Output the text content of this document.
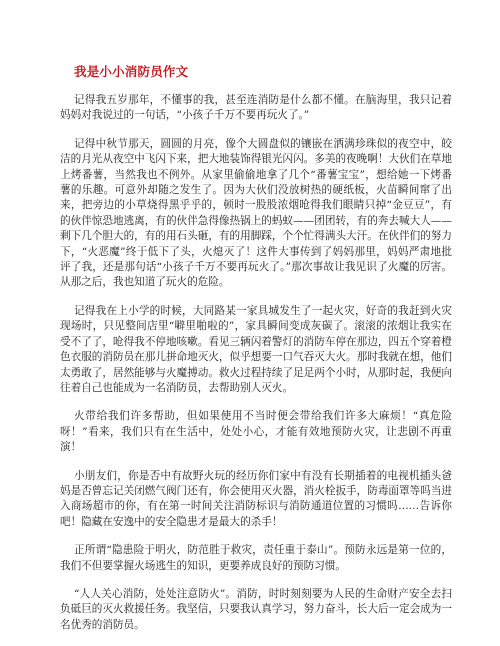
我是小小消防员作文

记得我五岁那年，不懂事的我，甚至连消防是什么都不懂。在脑海里，我只记着妈妈对我说过的一句话，“小孩子千万不要再玩火了。”

记得中秋节那天，圆圆的月亮，像个大圆盘似的镶嵌在洒满珍珠似的夜空中，皎洁的月光从夜空中飞闪下来，把大地装饰得银光闪闪。多美的夜晚啊！大伙们在草地上烤番薯，当然我也不例外。从家里偷偷地拿了几个“番薯宝宝”，想给她一下烤番薯的乐趣。可意外却随之发生了。因为大伙们没放树热的硬纸板，火苗瞬间窜了出来，把旁边的小草烧得黑乎乎的，顿时一股股浓烟呛得我们眼睛只掉“金豆豆”，有的伙伴惊恐地逃离，有的伙伴急得像热锅上的蚂蚁——团团转，有的奔去喊大人——剩下几个胆大的，有的用石头砸，有的用脚踩，个个忙得满头大汗。在伙伴们的努力下，“火恶魔”终于低下了头，火熄灭了！这件大事传到了妈妈那里，妈妈严肃地批评了我，还是那句话“小孩子千万不要再玩火了。”那次事故让我见识了火魔的厉害。从那之后，我也知道了玩火的危险。

记得我在上小学的时候，大同路某一家具城发生了一起火灾，好奇的我赶到火灾现场时，只见整间店里“噼里啪啦的”，家具瞬间变成灰碳了。滚滚的浓烟让我实在受不了了，呛得我不停地咳嗽。看见三辆闪着警灯的消防车停在那边，四五个穿着橙色衣服的消防员在那儿拼命地灭火，似乎想要一口气吞灭大火。那时我就在想，他们太勇敢了，居然能够与火魔搏动。救火过程持续了足足两个小时，从那时起，我便向往着自己也能成为一名消防员，去帮助别人灭火。

火带给我们许多帮助，但如果使用不当时便会带给我们许多大麻烦！“真危险呀！”看来，我们只有在生活中，处处小心，才能有效地预防火灾，让悲剧不再重演！

小朋友们，你是否中有故野火玩的经历你们家中有没有长期插着的电视机插头爸妈是否曾忘记关闭燃气阀门还有，你会使用灭火器，消火栓扳手，防毒面罩等吗当进入商场超市的你，有在第一时间关注消防标识与消防通道位置的习惯吗……告诉你吧！隐藏在安逸中的安全隐患才是最大的杀手！

正所谓“隐患险于明火，防范胜于救灾，责任重于泰山”。预防永远是第一位的，我们不但要掌握火场逃生的知识，更要养成良好的预防习惯。

“人人关心消防，处处注意防火”。消防，时时刻刻要为人民的生命财产安全去扫负砥巨的灭火救援任务。我坚信，只要我认真学习，努力奋斗，长大后一定会成为一名优秀的消防员。
